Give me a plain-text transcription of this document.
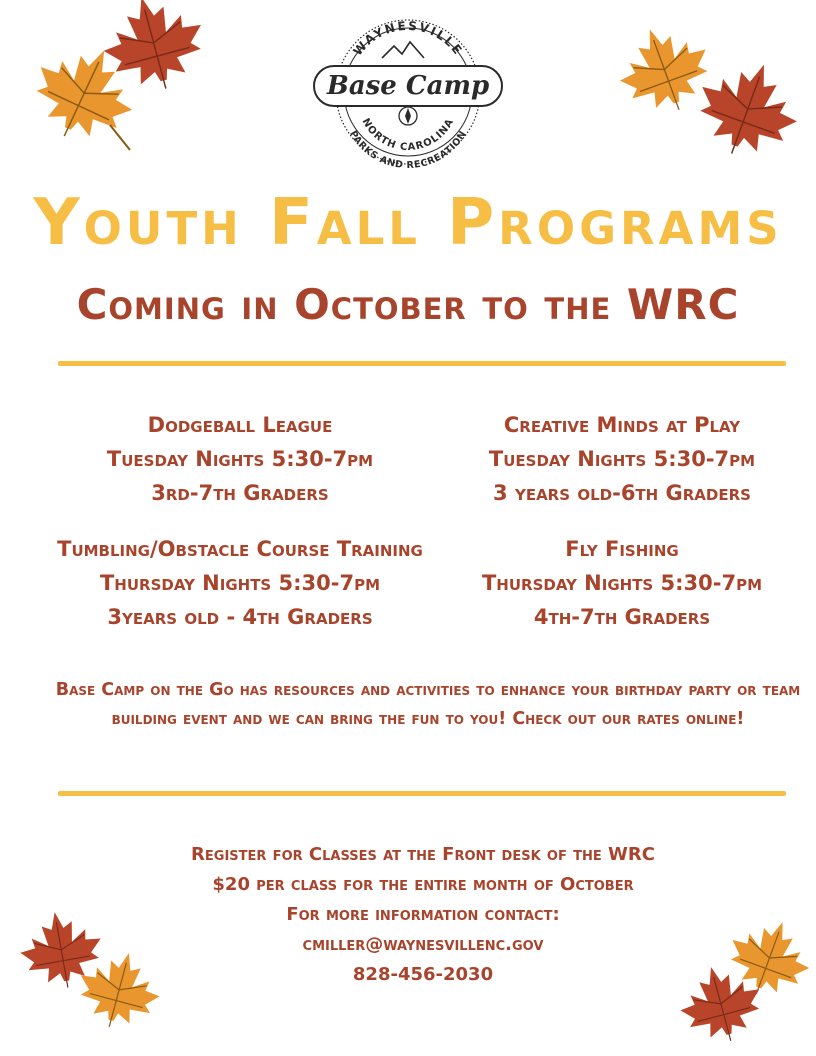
WAYNESVILLE
Base Camp
NORTH CAROLINA
PARKS AND RECREATION
Youth Fall Programs
Coming in October to the WRC
Dodgeball League
Tuesday Nights 5:30-7pm
3rd-7th Graders
Creative Minds at Play
Tuesday Nights 5:30-7pm
3 years old-6th Graders
Tumbling/Obstacle Course Training
Thursday Nights 5:30-7pm
3years old - 4th Graders
Fly Fishing
Thursday Nights 5:30-7pm
4th-7th Graders

Base Camp on the Go has resources and activities to enhance your birthday party or team building event and we can bring the fun to you! Check out our rates online!

Register for Classes at the Front desk of the WRC
$20 per class for the entire month of October
For more information contact:
cmiller@waynesvillenc.gov
828-456-2030
